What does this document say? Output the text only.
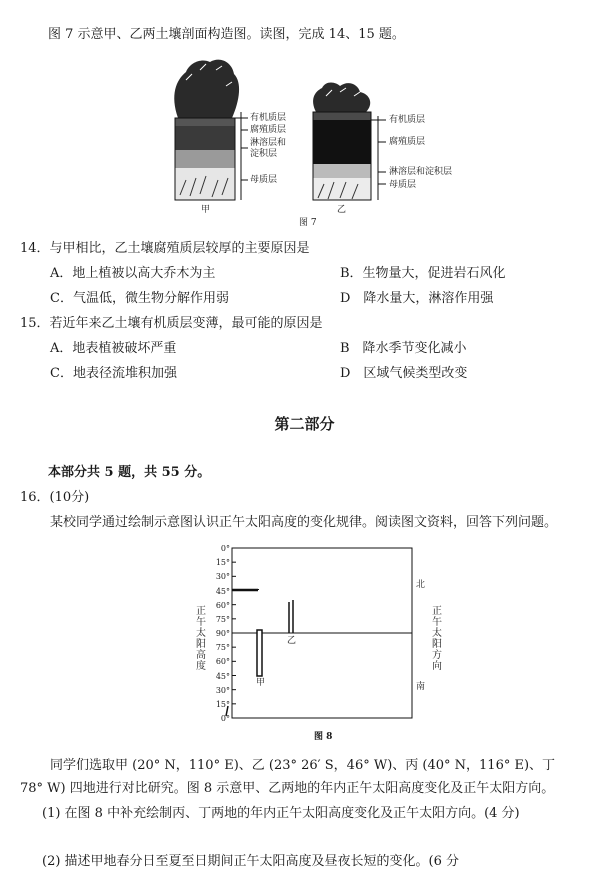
图 7 示意甲、乙两土壤剖面构造图。读图，完成 14、15 题。
有机质层
腐殖质层
淋溶层和
淀积层
母质层
有机质层
腐殖质层
淋溶层和淀积层
母质层
甲	乙
图 7
14．与甲相比，乙土壤腐殖质层较厚的主要原因是
A．地上植被以高大乔木为主	B．生物量大，促进岩石风化
C．气温低，微生物分解作用弱	D　降水量大，淋溶作用强
15．若近年来乙土壤有机质层变薄，最可能的原因是
A．地表植被破坏严重	B　降水季节变化减小
C．地表径流堆积加强	D　区域气候类型改变
第二部分
本部分共 5 题，共 55 分。
16．(10分)
某校同学通过绘制示意图认识正午太阳高度的变化规律。阅读图文资料，回答下列问题。
0°
15°
30°
45°
60°
75°
90°
75°
60°
45°
30°
15°
0°
正午太阳高度
正午太阳方向
北
南
甲
乙
图 8
同学们选取甲 (20° N，110° E)、乙 (23° 26′ S，46° W)、丙 (40° N，116° E)、丁
78° W) 四地进行对比研究。图 8 示意甲、乙两地的年内正午太阳高度变化及正午太阳方向。
(1) 在图 8 中补充绘制丙、丁两地的年内正午太阳高度变化及正午太阳方向。(4 分)
(2) 描述甲地春分日至夏至日期间正午太阳高度及昼夜长短的变化。(6 分
